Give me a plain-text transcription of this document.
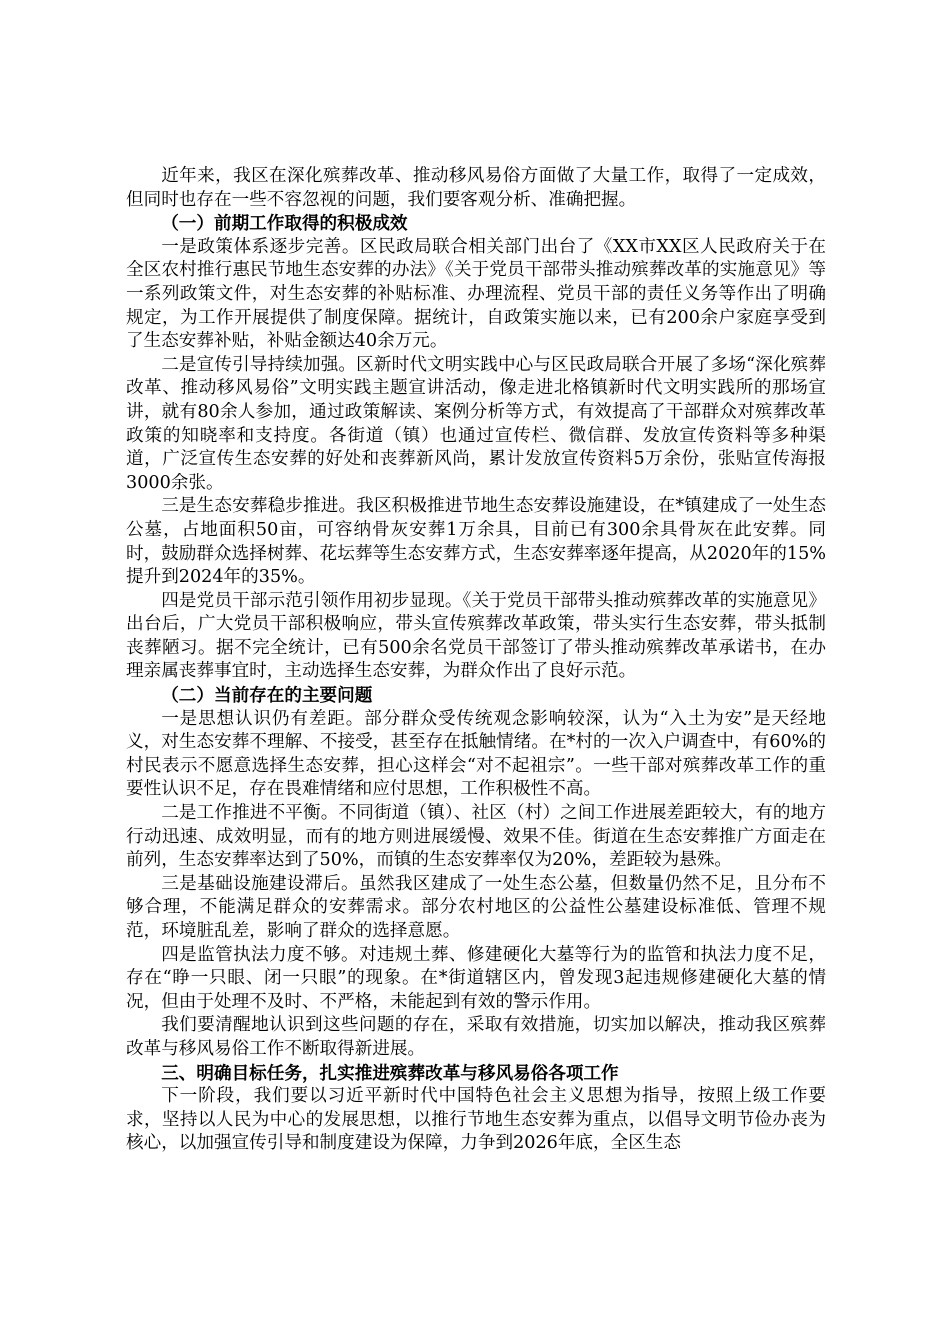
近年来，我区在深化殡葬改革、推动移风易俗方面做了大量工作，取得了一定成效，但同时也存在一些不容忽视的问题，我们要客观分析、准确把握。

（一）前期工作取得的积极成效

一是政策体系逐步完善。区民政局联合相关部门出台了《XX市XX区人民政府关于在全区农村推行惠民节地生态安葬的办法》《关于党员干部带头推动殡葬改革的实施意见》等一系列政策文件，对生态安葬的补贴标准、办理流程、党员干部的责任义务等作出了明确规定，为工作开展提供了制度保障。据统计，自政策实施以来，已有200余户家庭享受到了生态安葬补贴，补贴金额达40余万元。

二是宣传引导持续加强。区新时代文明实践中心与区民政局联合开展了多场“深化殡葬改革、推动移风易俗”文明实践主题宣讲活动，像走进北格镇新时代文明实践所的那场宣讲，就有80余人参加，通过政策解读、案例分析等方式，有效提高了干部群众对殡葬改革政策的知晓率和支持度。各街道（镇）也通过宣传栏、微信群、发放宣传资料等多种渠道，广泛宣传生态安葬的好处和丧葬新风尚，累计发放宣传资料5万余份，张贴宣传海报3000余张。

三是生态安葬稳步推进。我区积极推进节地生态安葬设施建设，在*镇建成了一处生态公墓，占地面积50亩，可容纳骨灰安葬1万余具，目前已有300余具骨灰在此安葬。同时，鼓励群众选择树葬、花坛葬等生态安葬方式，生态安葬率逐年提高，从2020年的15%提升到2024年的35%。

四是党员干部示范引领作用初步显现。《关于党员干部带头推动殡葬改革的实施意见》出台后，广大党员干部积极响应，带头宣传殡葬改革政策，带头实行生态安葬，带头抵制丧葬陋习。据不完全统计，已有500余名党员干部签订了带头推动殡葬改革承诺书，在办理亲属丧葬事宜时，主动选择生态安葬，为群众作出了良好示范。

（二）当前存在的主要问题

一是思想认识仍有差距。部分群众受传统观念影响较深，认为“入土为安”是天经地义，对生态安葬不理解、不接受，甚至存在抵触情绪。在*村的一次入户调查中，有60%的村民表示不愿意选择生态安葬，担心这样会“对不起祖宗”。一些干部对殡葬改革工作的重要性认识不足，存在畏难情绪和应付思想，工作积极性不高。

二是工作推进不平衡。不同街道（镇）、社区（村）之间工作进展差距较大，有的地方行动迅速、成效明显，而有的地方则进展缓慢、效果不佳。街道在生态安葬推广方面走在前列，生态安葬率达到了50%，而镇的生态安葬率仅为20%，差距较为悬殊。

三是基础设施建设滞后。虽然我区建成了一处生态公墓，但数量仍然不足，且分布不够合理，不能满足群众的安葬需求。部分农村地区的公益性公墓建设标准低、管理不规范，环境脏乱差，影响了群众的选择意愿。

四是监管执法力度不够。对违规土葬、修建硬化大墓等行为的监管和执法力度不足，存在“睁一只眼、闭一只眼”的现象。在*街道辖区内，曾发现3起违规修建硬化大墓的情况，但由于处理不及时、不严格，未能起到有效的警示作用。

我们要清醒地认识到这些问题的存在，采取有效措施，切实加以解决，推动我区殡葬改革与移风易俗工作不断取得新进展。

三、明确目标任务，扎实推进殡葬改革与移风易俗各项工作

下一阶段，我们要以习近平新时代中国特色社会主义思想为指导，按照上级工作要求，坚持以人民为中心的发展思想，以推行节地生态安葬为重点，以倡导文明节俭办丧为核心，以加强宣传引导和制度建设为保障，力争到2026年底，全区生态
